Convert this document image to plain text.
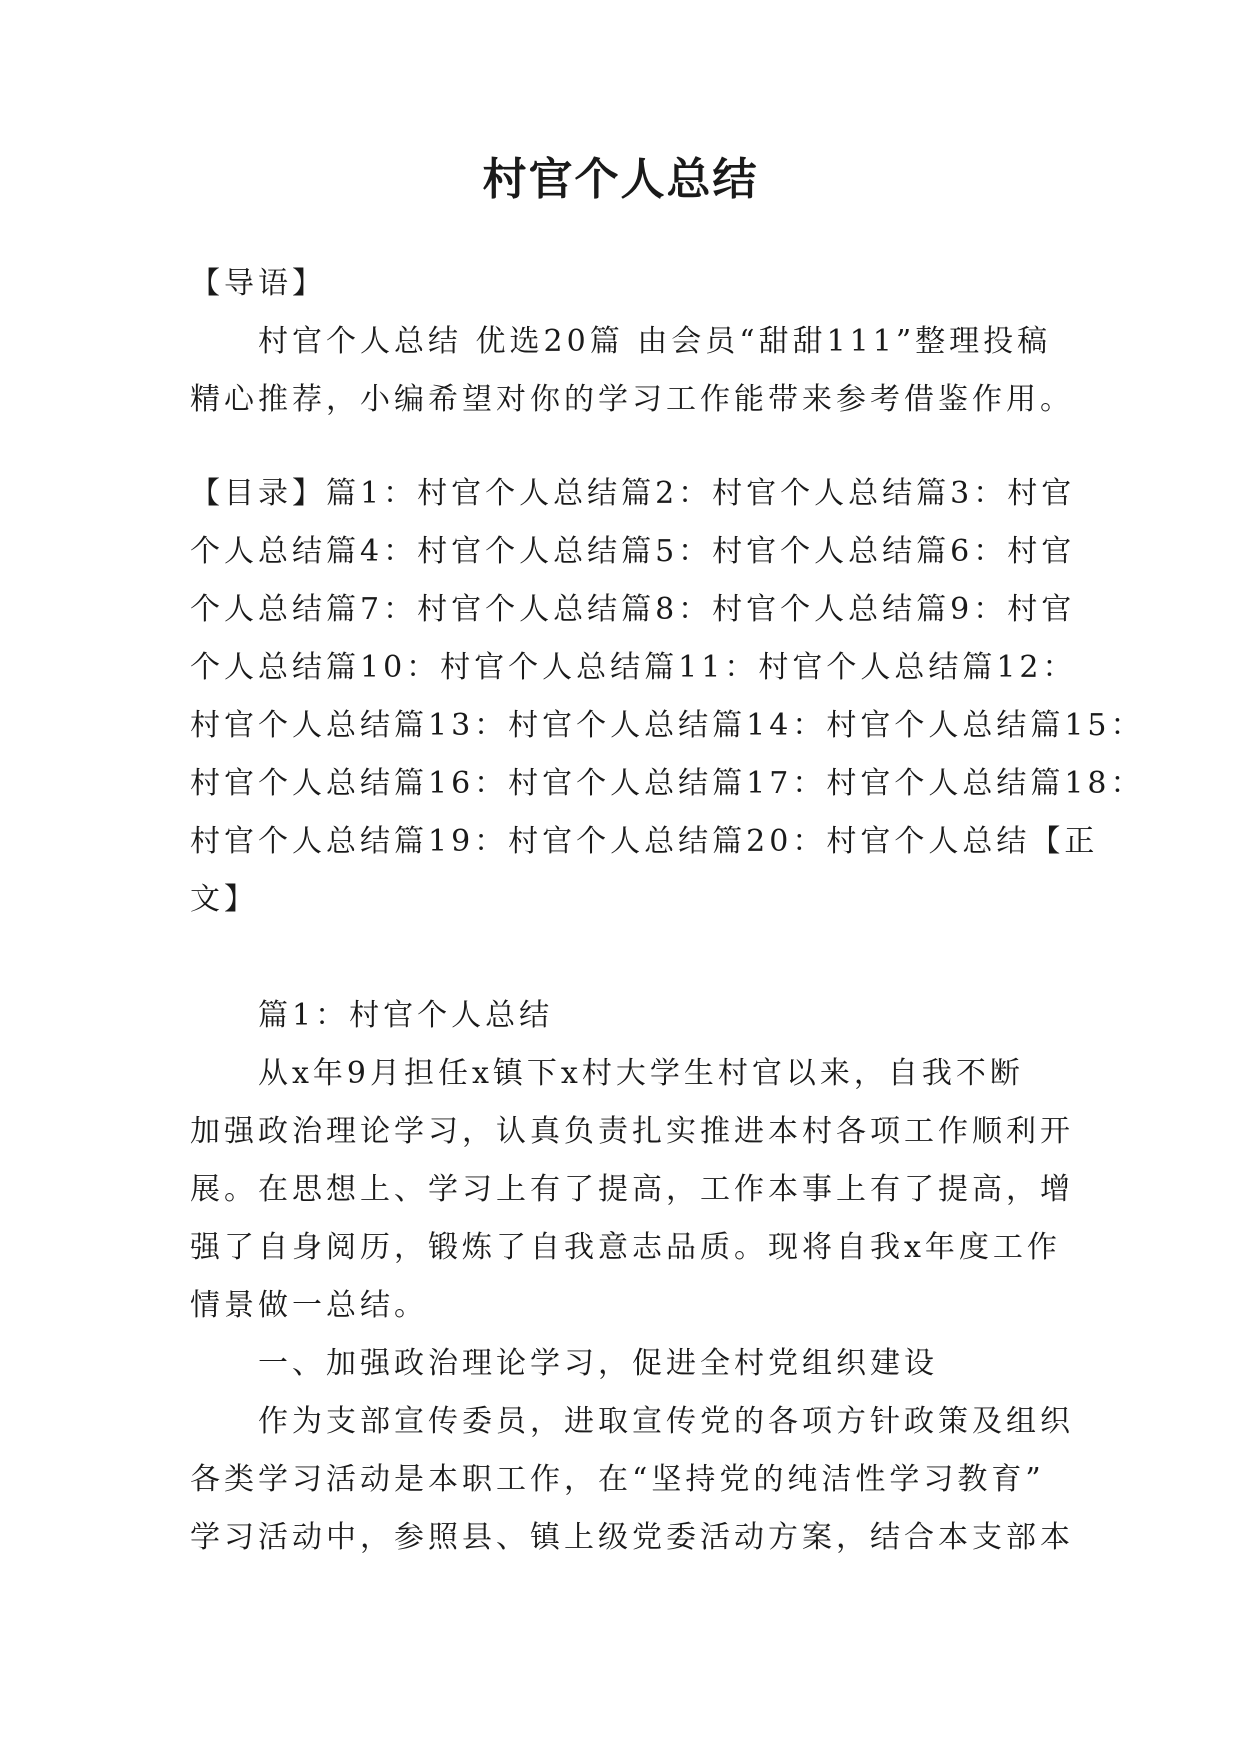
村官个人总结
【导语】
　　村官个人总结 优选20篇 由会员“甜甜111”整理投稿
精心推荐，小编希望对你的学习工作能带来参考借鉴作用。
【目录】篇1：村官个人总结篇2：村官个人总结篇3：村官
个人总结篇4：村官个人总结篇5：村官个人总结篇6：村官
个人总结篇7：村官个人总结篇8：村官个人总结篇9：村官
个人总结篇10：村官个人总结篇11：村官个人总结篇12：
村官个人总结篇13：村官个人总结篇14：村官个人总结篇15：
村官个人总结篇16：村官个人总结篇17：村官个人总结篇18：
村官个人总结篇19：村官个人总结篇20：村官个人总结【正
文】
　　篇1：村官个人总结
　　从x年9月担任x镇下x村大学生村官以来，自我不断
加强政治理论学习，认真负责扎实推进本村各项工作顺利开
展。在思想上、学习上有了提高，工作本事上有了提高，增
强了自身阅历，锻炼了自我意志品质。现将自我x年度工作
情景做一总结。
　　一、加强政治理论学习，促进全村党组织建设
　　作为支部宣传委员，进取宣传党的各项方针政策及组织
各类学习活动是本职工作，在“坚持党的纯洁性学习教育”
学习活动中，参照县、镇上级党委活动方案，结合本支部本
